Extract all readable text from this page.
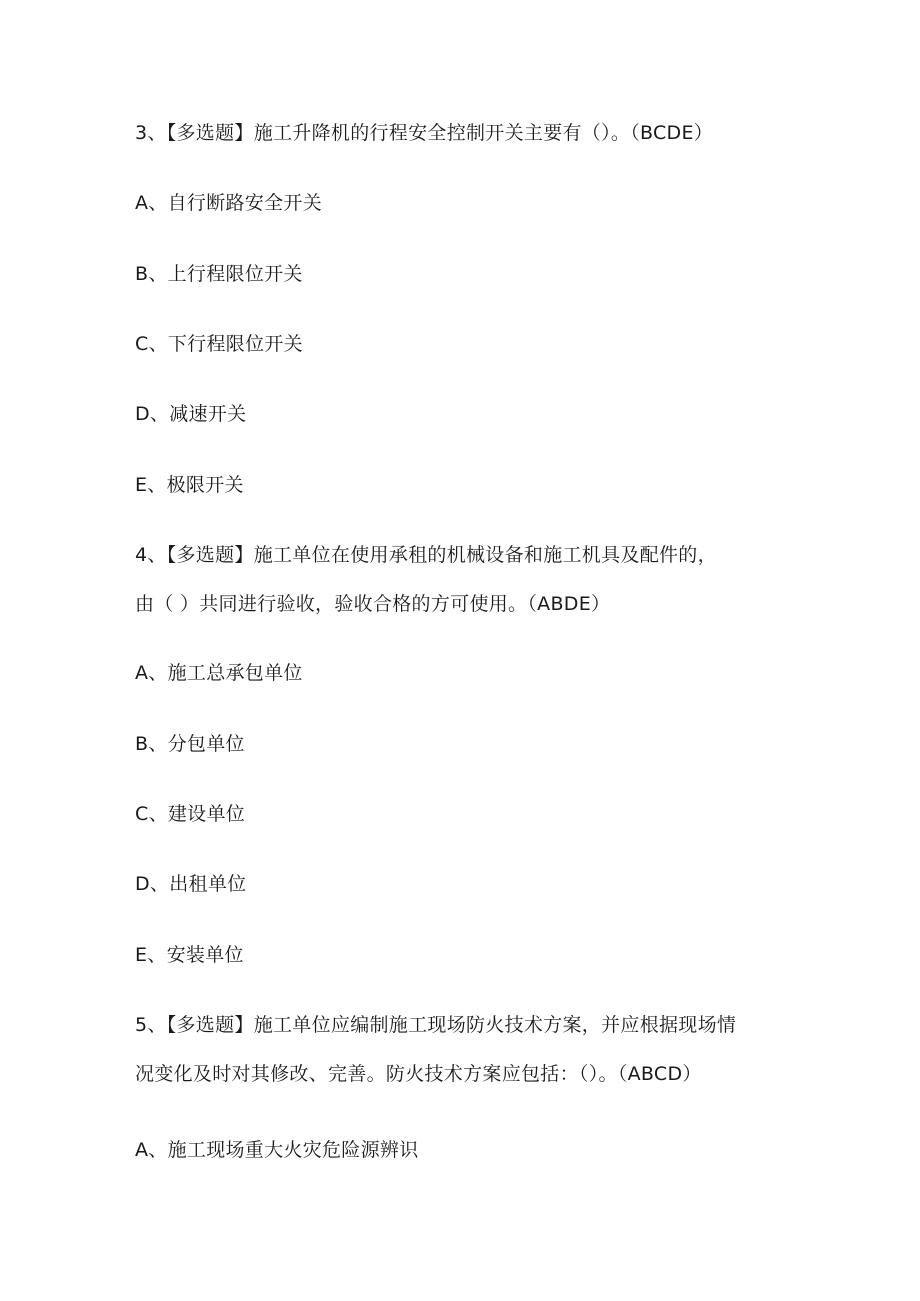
3、【多选题】施工升降机的行程安全控制开关主要有（）。（BCDE）
A、自行断路安全开关
B、上行程限位开关
C、下行程限位开关
D、减速开关
E、极限开关
4、【多选题】施工单位在使用承租的机械设备和施工机具及配件的，
由（ ）共同进行验收，验收合格的方可使用。（ABDE）
A、施工总承包单位
B、分包单位
C、建设单位
D、出租单位
E、安装单位
5、【多选题】施工单位应编制施工现场防火技术方案，并应根据现场情
况变化及时对其修改、完善。防火技术方案应包括：（）。（ABCD）
A、施工现场重大火灾危险源辨识
